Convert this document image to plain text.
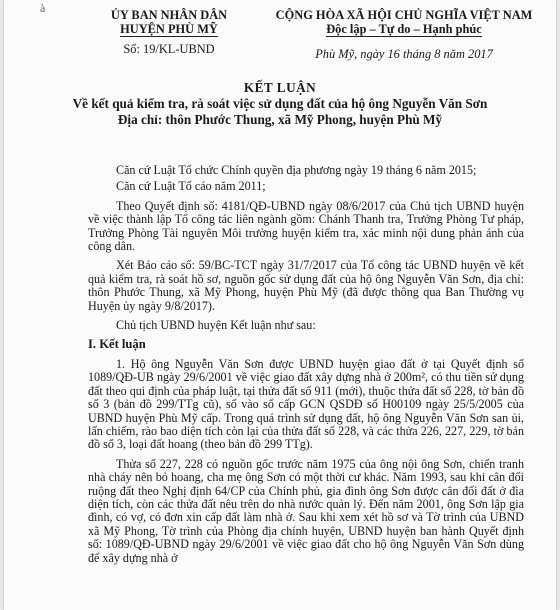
à	ỦY BAN NHÂN DÂN
HUYỆN PHÙ MỸ
Số: 19/KL-UBND
CỘNG HÒA XÃ HỘI CHỦ NGHĨA VIỆT NAM
Độc lập – Tự do – Hạnh phúc
Phù Mỹ, ngày 16 tháng 8 năm 2017
KẾT LUẬN
Về kết quả kiểm tra, rà soát việc sử dụng đất của hộ ông Nguyễn Văn Sơn
Địa chỉ: thôn Phước Thung, xã Mỹ Phong, huyện Phù Mỹ

Căn cứ Luật Tổ chức Chính quyền địa phương ngày 19 tháng 6 năm 2015;

Căn cứ Luật Tố cáo năm 2011;

Theo Quyết định số: 4181/QĐ-UBND ngày 08/6/2017 của Chủ tịch UBND huyện về việc thành lập Tổ công tác liên ngành gồm: Chánh Thanh tra, Trưởng Phòng Tư pháp, Trưởng Phòng Tài nguyên Môi trường huyện kiểm tra, xác minh nội dung phản ánh của công dân.

Xét Báo cáo số: 59/BC-TCT ngày 31/7/2017 của Tổ công tác UBND huyện về kết quả kiểm tra, rà soát hồ sơ, nguồn gốc sử dụng đất của hộ ông Nguyễn Văn Sơn, địa chỉ: thôn Phước Thung, xã Mỹ Phong, huyện Phù Mỹ (đã được thông qua Ban Thường vụ Huyện ủy ngày 9/8/2017).

Chủ tịch UBND huyện Kết luận như sau:

I. Kết luận

1. Hộ ông Nguyễn Văn Sơn được UBND huyện giao đất ở tại Quyết định số 1089/QĐ-UB ngày 29/6/2001 về việc giao đất xây dựng nhà ở 200m², có thu tiền sử dụng đất theo qui định của pháp luật, tại thửa đất số 911 (mới), thuộc thửa đất số 228, tờ bản đồ số 3 (bản đồ 299/TTg cũ), số vào sổ cấp GCN QSDĐ số H00109 ngày 25/5/2005 của UBND huyện Phù Mỹ cấp. Trong quá trình sử dụng đất, hộ ông Nguyễn Văn Sơn san ủi, lấn chiếm, rào bao diện tích còn lại của thửa đất số 228, và các thửa 226, 227, 229, tờ bản đồ số 3, loại đất hoang (theo bản đồ 299 TTg).

Thửa số 227, 228 có nguồn gốc trước năm 1975 của ông nội ông Sơn, chiến tranh nhà cháy nên bỏ hoang, cha mẹ ông Sơn có một thời cư khác. Năm 1993, sau khi cân đối ruộng đất theo Nghị định 64/CP của Chính phủ, gia đình ông Sơn được cân đối đất ở đìa diện tích, còn các thửa đất nêu trên do nhà nước quản lý. Đến năm 2001, ông Sơn lập gia đình, có vợ, có đơn xin cấp đất làm nhà ở. Sau khi xem xét hồ sơ và Tờ trình của UBND xã Mỹ Phong, Tờ trình của Phòng địa chính huyện, UBND huyện ban hành Quyết định số: 1089/QĐ-UBND ngày 29/6/2001 về việc giao đất cho hộ ông Nguyễn Văn Sơn dùng để xây dựng nhà ở
